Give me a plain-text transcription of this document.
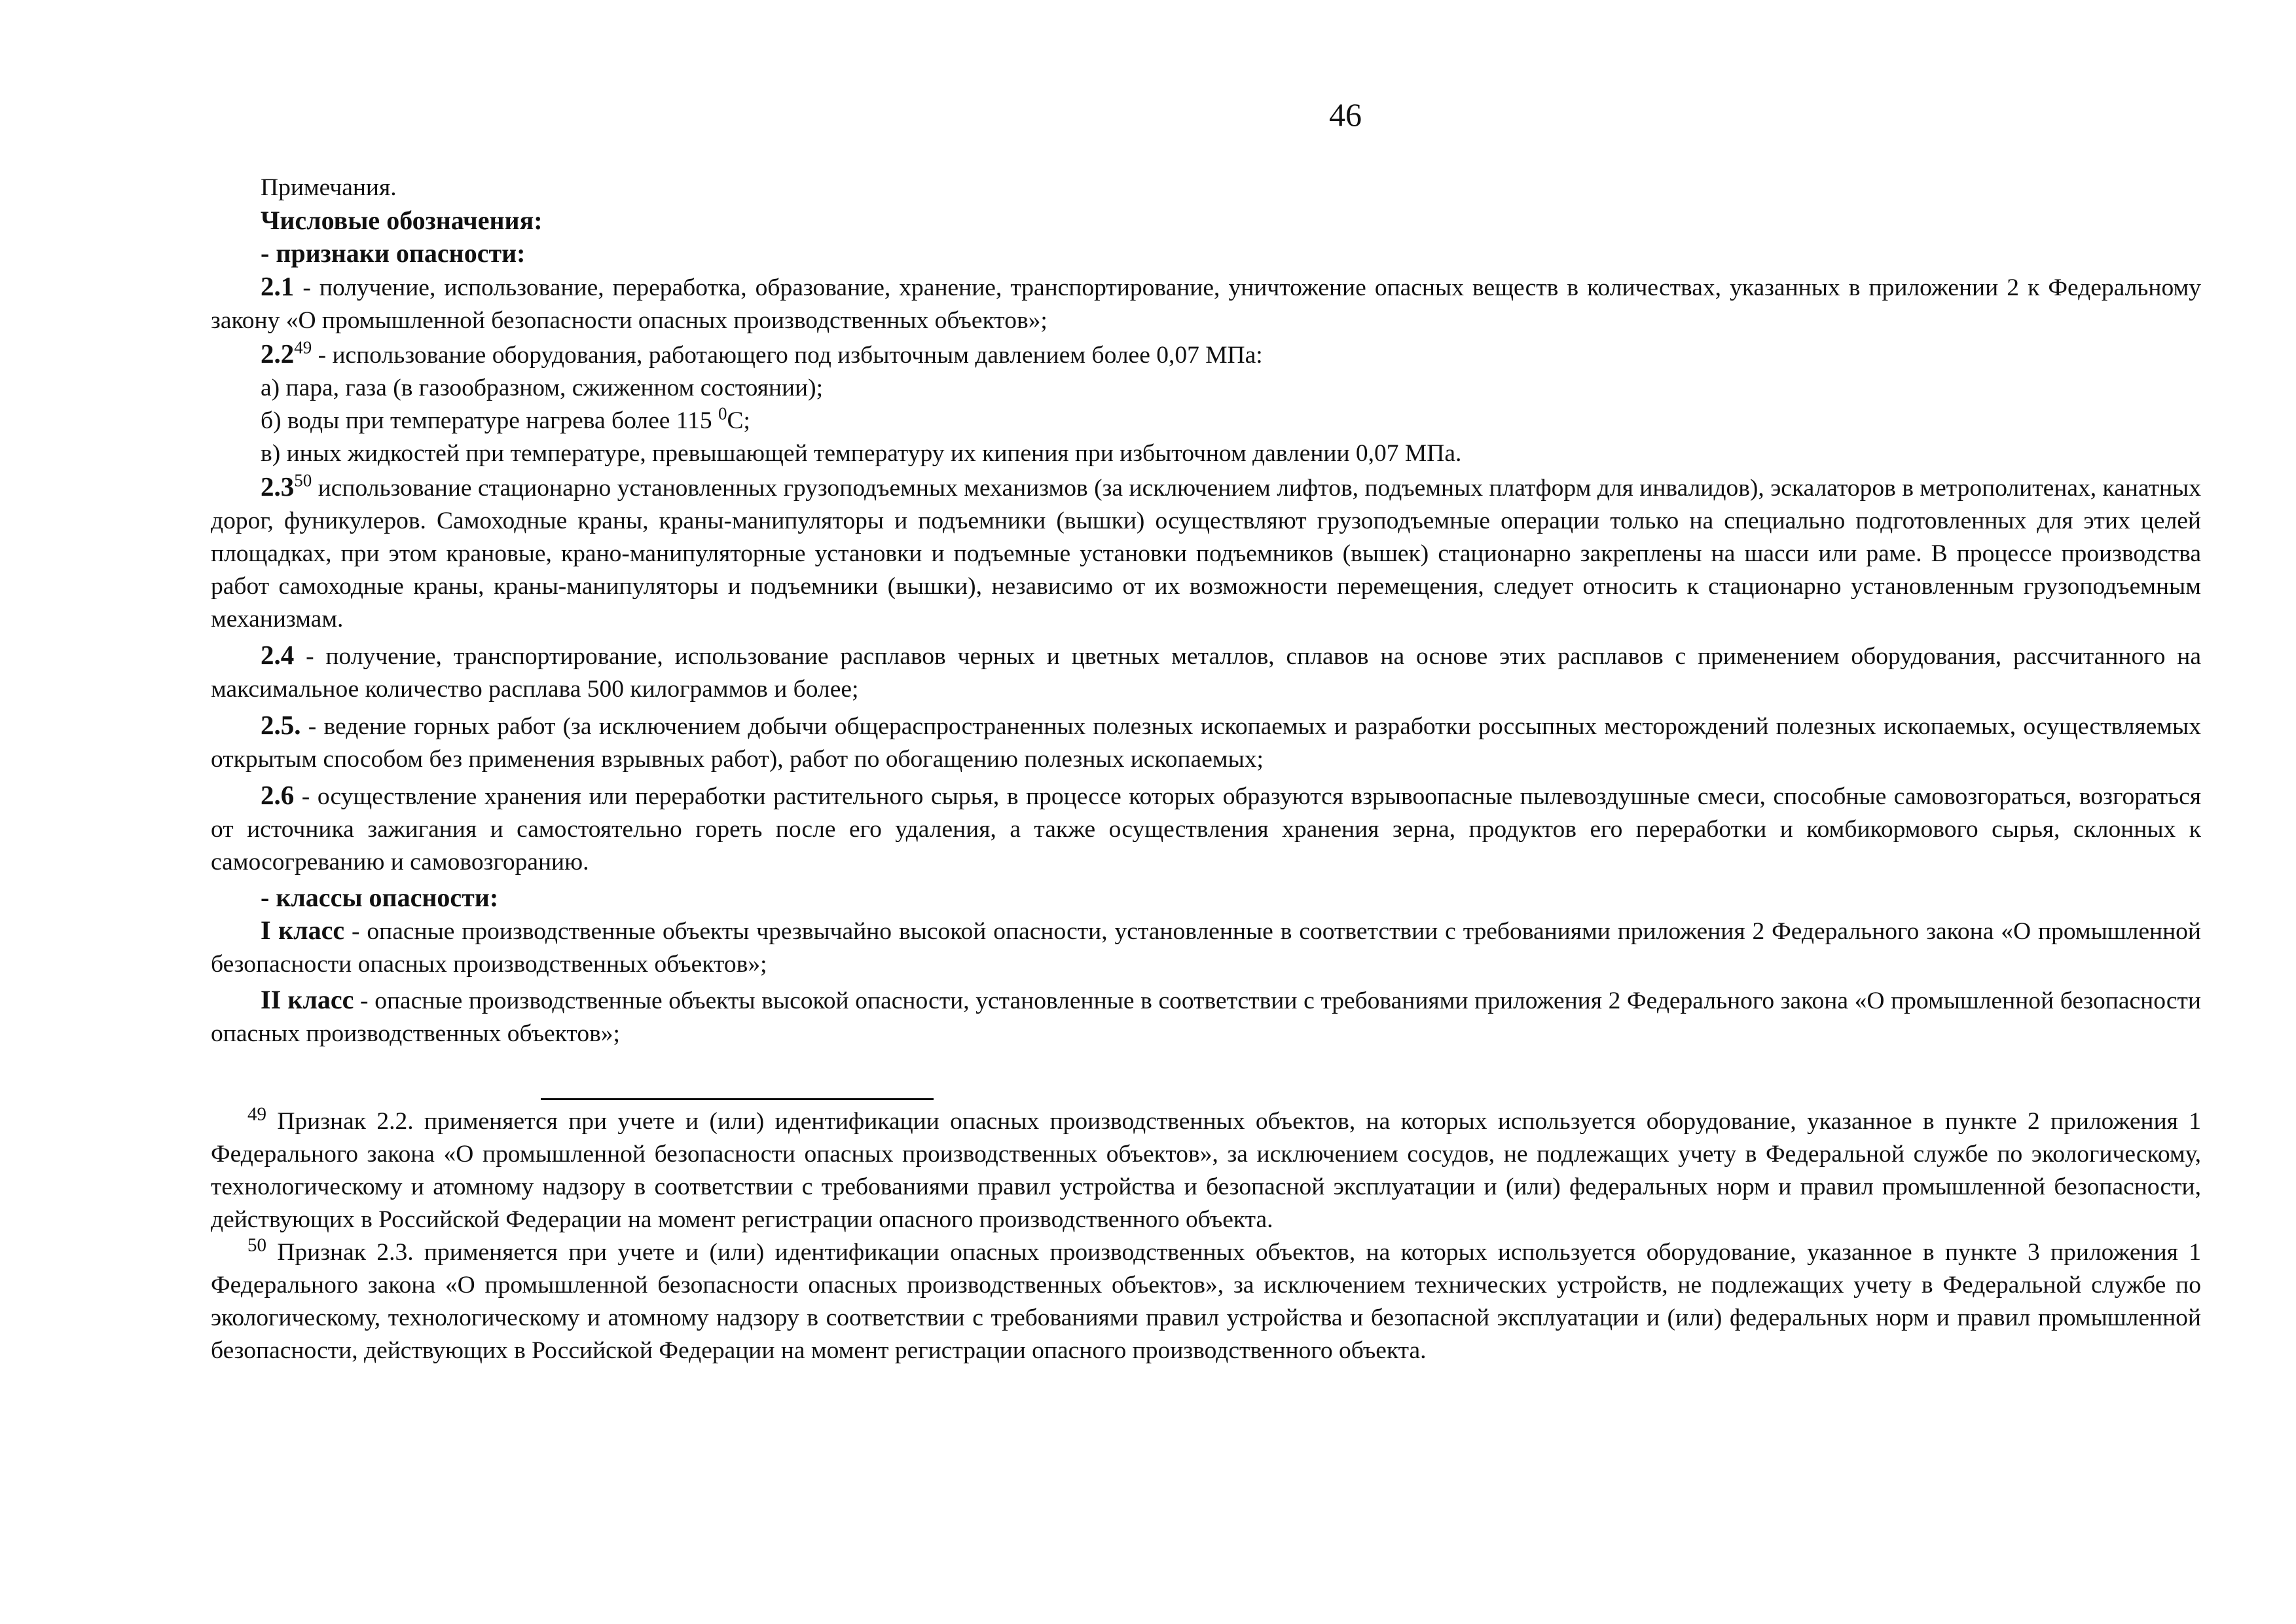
46

Примечания.

Числовые обозначения:

- признаки опасности:

2.1 - получение, использование, переработка, образование, хранение, транспортирование, уничтожение опасных веществ в количествах, указанных в приложении 2 к Федеральному закону «О промышленной безопасности опасных производственных объектов»;

$2.2^{49}$ - использование оборудования, работающего под избыточным давлением более 0,07 МПа:

а) пара, газа (в газообразном, сжиженном состоянии);

б) воды при температуре нагрева более 115 $^0$С;

в) иных жидкостей при температуре, превышающей температуру их кипения при избыточном давлении 0,07 МПа.

$2.3^{50}$ использование стационарно установленных грузоподъемных механизмов (за исключением лифтов, подъемных платформ для инвалидов), эскалаторов в метрополитенах, канатных дорог, фуникулеров. Самоходные краны, краны-манипуляторы и подъемники (вышки) осуществляют грузоподъемные операции только на специально подготовленных для этих целей площадках, при этом крановые, крано-манипуляторные установки и подъемные установки подъемников (вышек) стационарно закреплены на шасси или раме. В процессе производства работ самоходные краны, краны-манипуляторы и подъемники (вышки), независимо от их возможности перемещения, следует относить к стационарно установленным грузоподъемным механизмам.

2.4 - получение, транспортирование, использование расплавов черных и цветных металлов, сплавов на основе этих расплавов с применением оборудования, рассчитанного на максимальное количество расплава 500 килограммов и более;

2.5. - ведение горных работ (за исключением добычи общераспространенных полезных ископаемых и разработки россыпных месторождений полезных ископаемых, осуществляемых открытым способом без применения взрывных работ), работ по обогащению полезных ископаемых;

2.6 - осуществление хранения или переработки растительного сырья, в процессе которых образуются взрывоопасные пылевоздушные смеси, способные самовозгораться, возгораться от источника зажигания и самостоятельно гореть после его удаления, а также осуществления хранения зерна, продуктов его переработки и комбикормового сырья, склонных к самосогреванию и самовозгоранию.

- классы опасности:

I класс - опасные производственные объекты чрезвычайно высокой опасности, установленные в соответствии с требованиями приложения 2 Федерального закона «О промышленной безопасности опасных производственных объектов»;

II класс - опасные производственные объекты высокой опасности, установленные в соответствии с требованиями приложения 2 Федерального закона «О промышленной безопасности опасных производственных объектов»;

$^{49}$ Признак 2.2. применяется при учете и (или) идентификации опасных производственных объектов, на которых используется оборудование, указанное в пункте 2 приложения 1 Федерального закона «О промышленной безопасности опасных производственных объектов», за исключением сосудов, не подлежащих учету в Федеральной службе по экологическому, технологическому и атомному надзору в соответствии с требованиями правил устройства и безопасной эксплуатации и (или) федеральных норм и правил промышленной безопасности, действующих в Российской Федерации на момент регистрации опасного производственного объекта.

$^{50}$ Признак 2.3. применяется при учете и (или) идентификации опасных производственных объектов, на которых используется оборудование, указанное в пункте 3 приложения 1 Федерального закона «О промышленной безопасности опасных производственных объектов», за исключением технических устройств, не подлежащих учету в Федеральной службе по экологическому, технологическому и атомному надзору в соответствии с требованиями правил устройства и безопасной эксплуатации и (или) федеральных норм и правил промышленной безопасности, действующих в Российской Федерации на момент регистрации опасного производственного объекта.
